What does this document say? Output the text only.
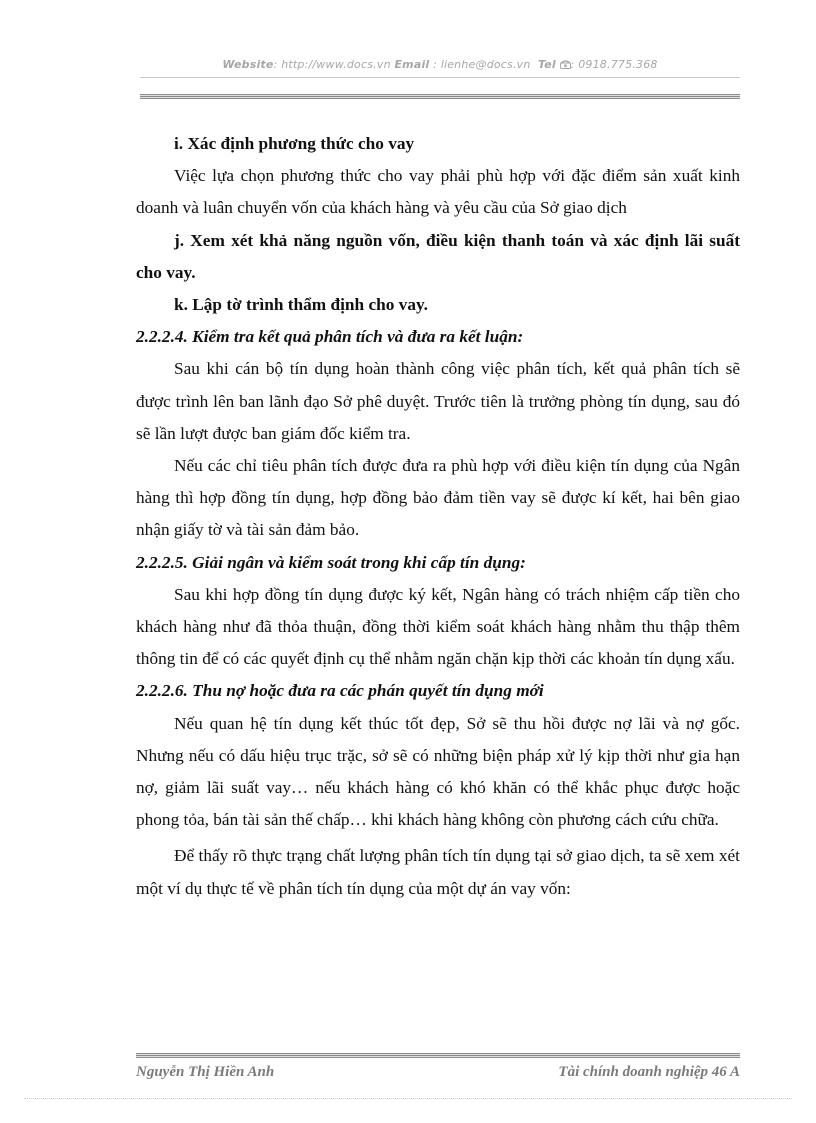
Website: http://www.docs.vn Email : lienhe@docs.vn Tel : 0918.775.368

i. Xác định phương thức cho vay

Việc lựa chọn phương thức cho vay phải phù hợp với đặc điểm sản xuất kinh doanh và luân chuyển vốn của khách hàng và yêu cầu của Sở giao dịch

j. Xem xét khả năng nguồn vốn, điều kiện thanh toán và xác định lãi suất cho vay.

k. Lập tờ trình thẩm định cho vay.

2.2.2.4. Kiểm tra kết quả phân tích và đưa ra kết luận:

Sau khi cán bộ tín dụng hoàn thành công việc phân tích, kết quả phân tích sẽ được trình lên ban lãnh đạo Sở phê duyệt. Trước tiên là trưởng phòng tín dụng, sau đó sẽ lần lượt được ban giám đốc kiểm tra.

Nếu các chỉ tiêu phân tích được đưa ra phù hợp với điều kiện tín dụng của Ngân hàng thì hợp đồng tín dụng, hợp đồng bảo đảm tiền vay sẽ được kí kết, hai bên giao nhận giấy tờ và tài sản đảm bảo.

2.2.2.5. Giải ngân và kiểm soát trong khi cấp tín dụng:

Sau khi hợp đồng tín dụng được ký kết, Ngân hàng có trách nhiệm cấp tiền cho khách hàng như đã thỏa thuận, đồng thời kiểm soát khách hàng nhằm thu thập thêm thông tin để có các quyết định cụ thể nhằm ngăn chặn kịp thời các khoản tín dụng xấu.

2.2.2.6. Thu nợ hoặc đưa ra các phán quyết tín dụng mới

Nếu quan hệ tín dụng kết thúc tốt đẹp, Sở sẽ thu hồi được nợ lãi và nợ gốc. Nhưng nếu có dấu hiệu trục trặc, sở sẽ có những biện pháp xử lý kịp thời như gia hạn nợ, giảm lãi suất vay… nếu khách hàng có khó khăn có thể khắc phục được hoặc phong tỏa, bán tài sản thế chấp… khi khách hàng không còn phương cách cứu chữa.

Để thấy rõ thực trạng chất lượng phân tích tín dụng tại sở giao dịch, ta sẽ xem xét một ví dụ thực tế về phân tích tín dụng của một dự án vay vốn:

Nguyễn Thị Hiền Anh	Tài chính doanh nghiệp 46 A
